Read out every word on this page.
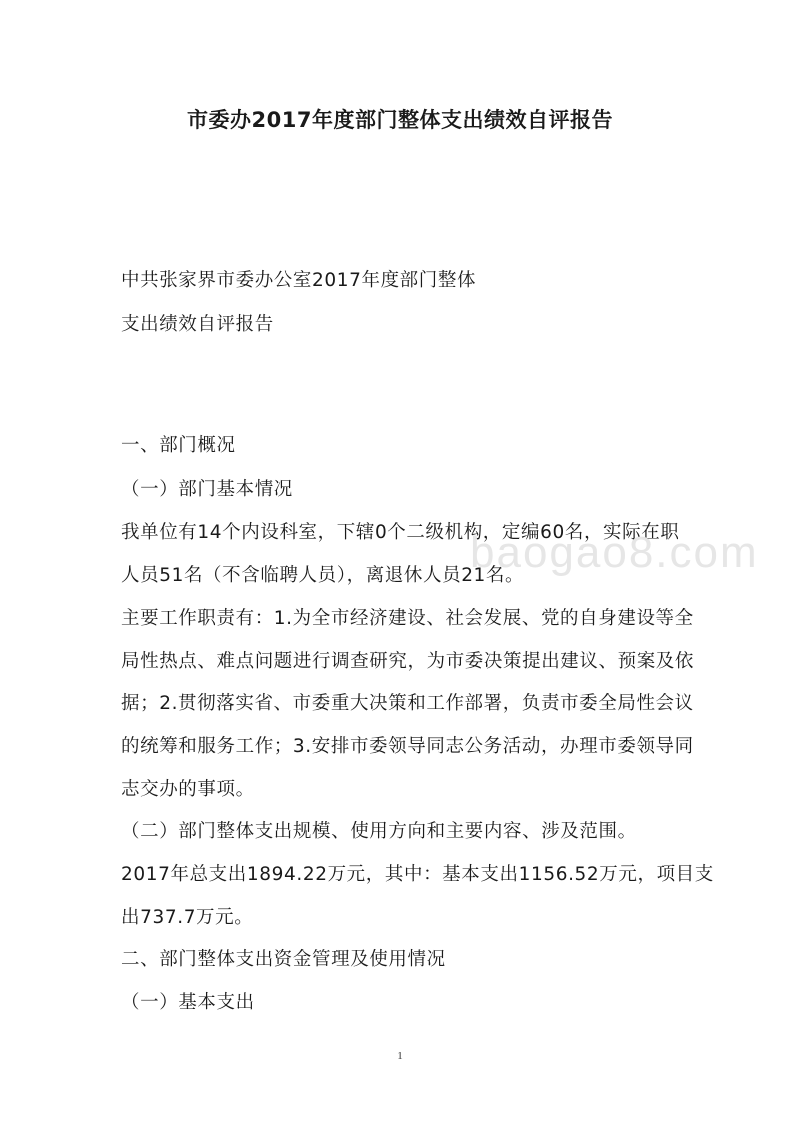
市委办2017年度部门整体支出绩效自评报告
中共张家界市委办公室2017年度部门整体
支出绩效自评报告
一、部门概况
（一）部门基本情况
我单位有14个内设科室，下辖0个二级机构，定编60名，实际在职
人员51名（不含临聘人员），离退休人员21名。
主要工作职责有：1.为全市经济建设、社会发展、党的自身建设等全
局性热点、难点问题进行调查研究，为市委决策提出建议、预案及依
据；2.贯彻落实省、市委重大决策和工作部署，负责市委全局性会议
的统筹和服务工作；3.安排市委领导同志公务活动，办理市委领导同
志交办的事项。
（二）部门整体支出规模、使用方向和主要内容、涉及范围。
2017年总支出1894.22万元，其中：基本支出1156.52万元，项目支
出737.7万元。
二、部门整体支出资金管理及使用情况
（一）基本支出
baogao8.com
1
